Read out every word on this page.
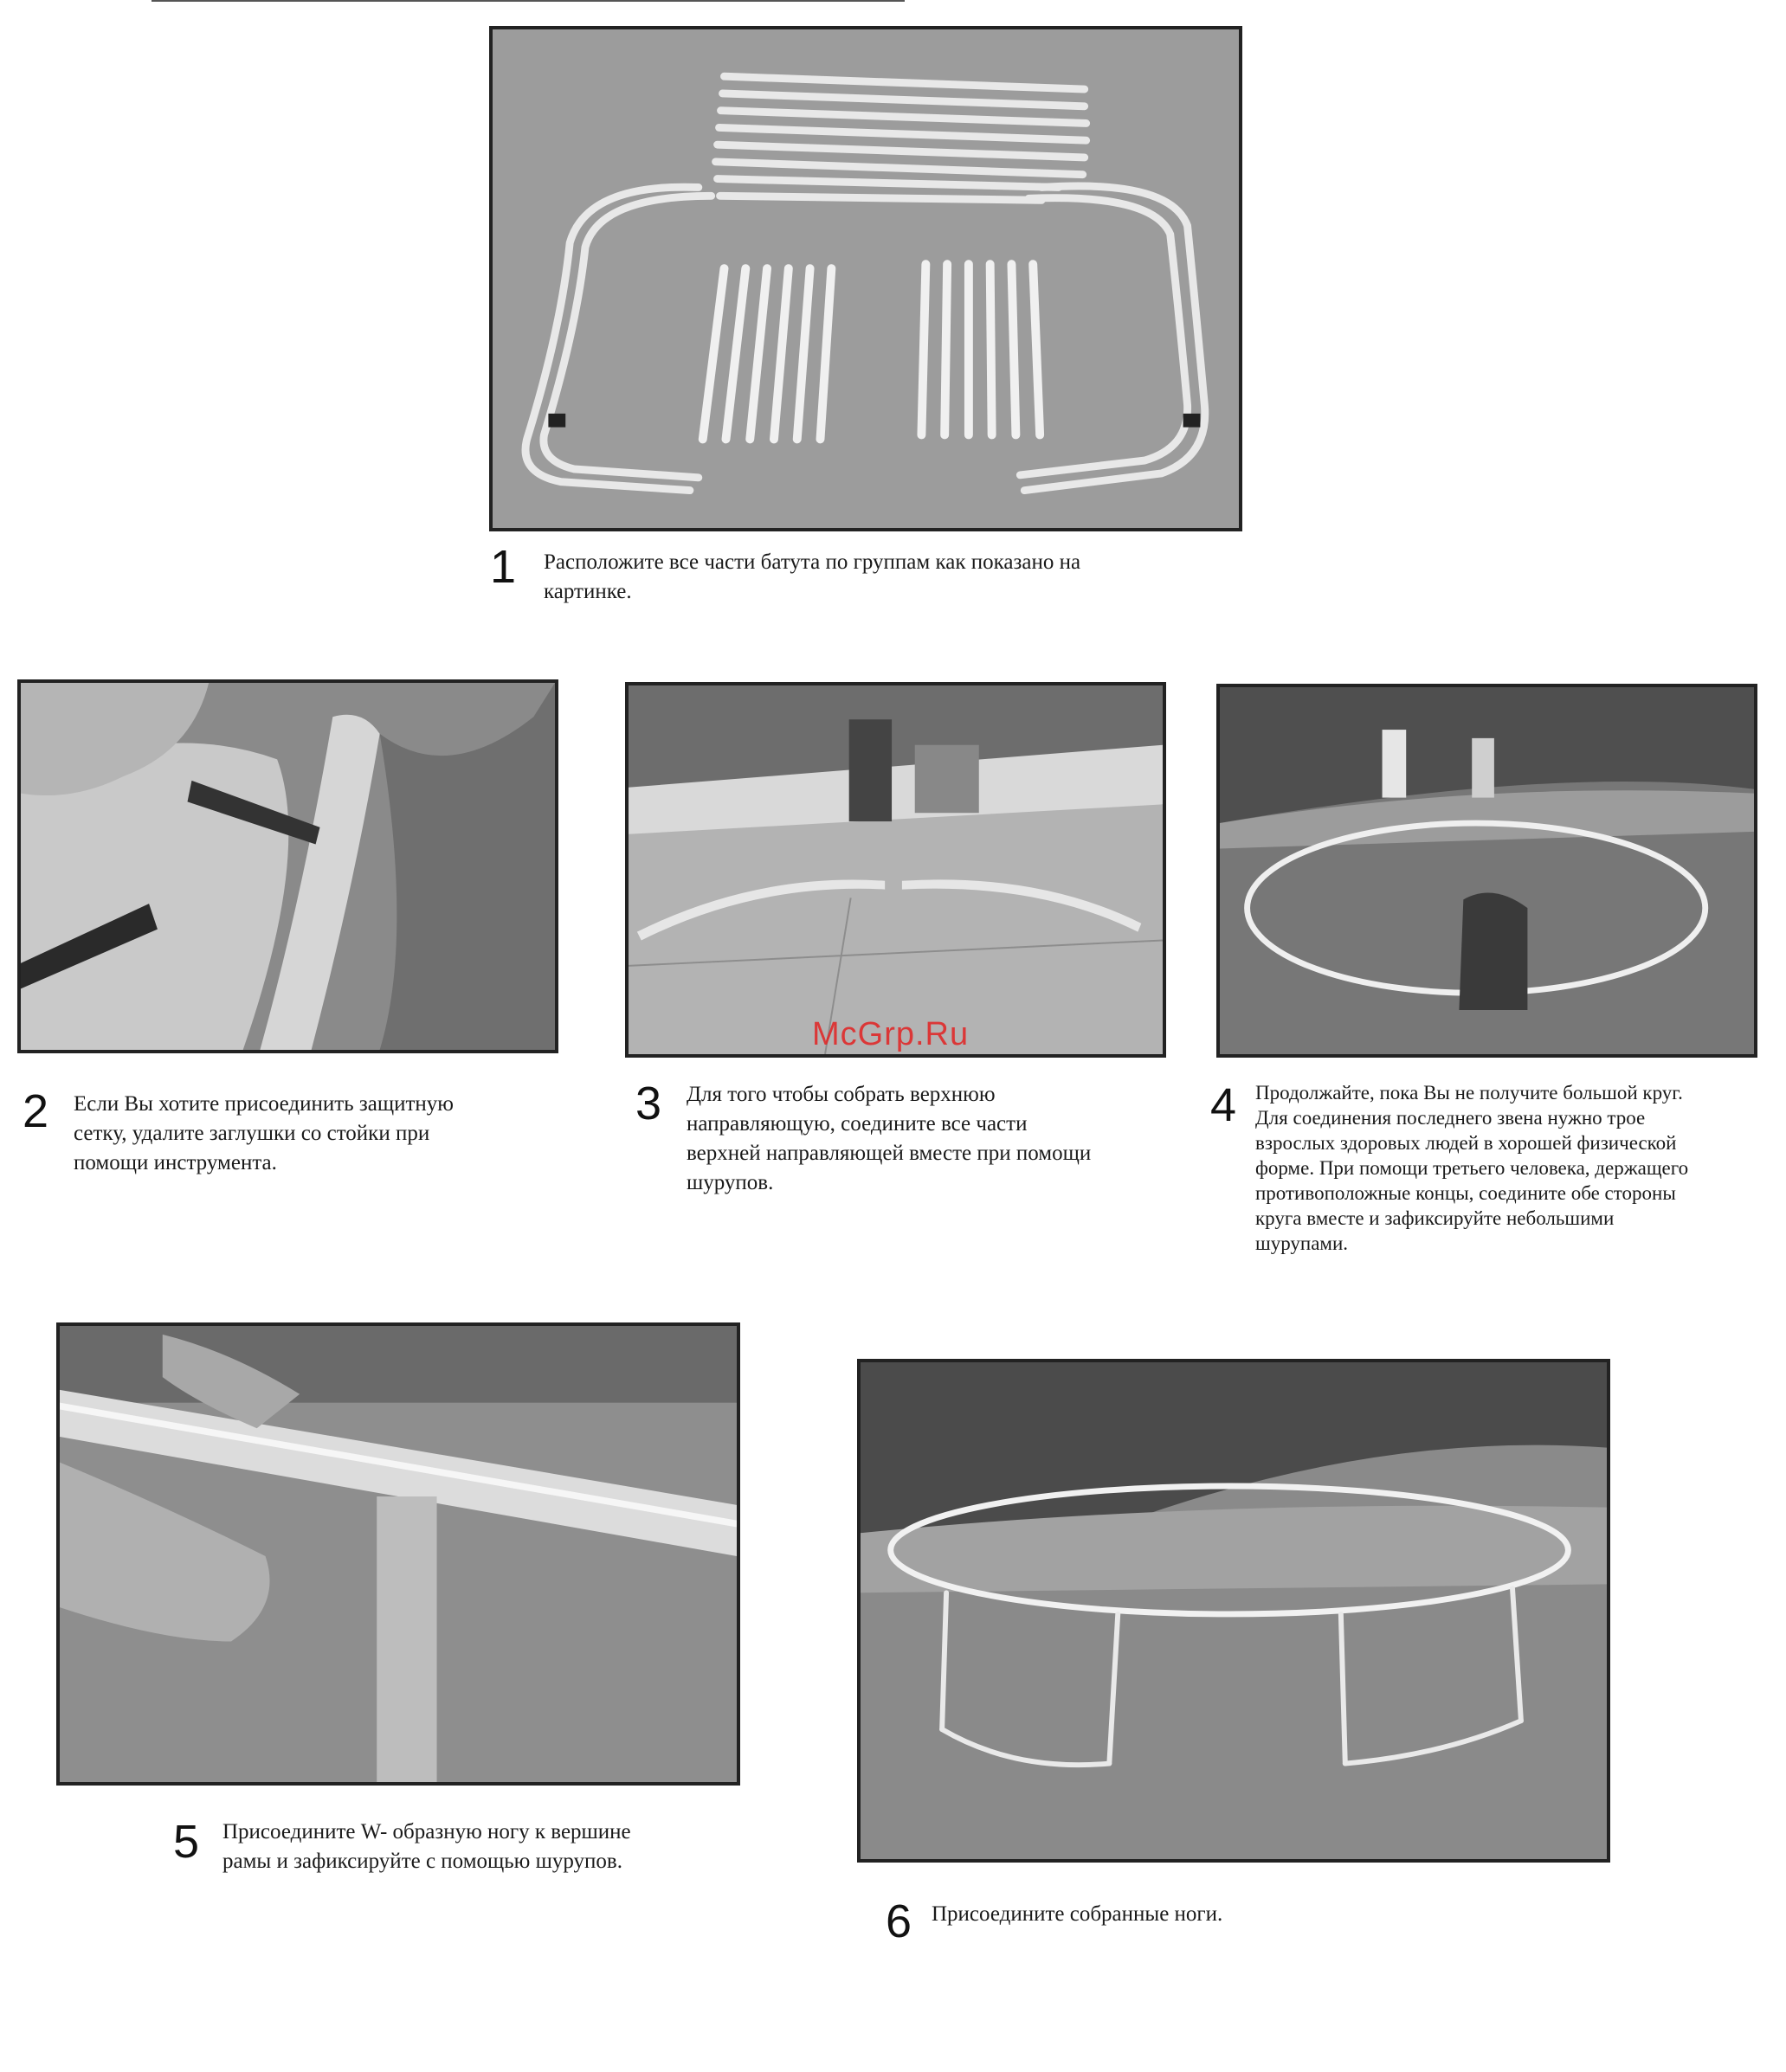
1 Расположите все части батута по группам как показано на
картинке.
2 Если Вы хотите присоединить защитную
сетку, удалите заглушки со стойки при
помощи инструмента.
3 Для того чтобы собрать верхнюю
направляющую, соедините все части
верхней направляющей вместе при помощи
шурупов.
4 Продолжайте, пока Вы не получите большой круг.
Для соединения последнего звена нужно трое
взрослых здоровых людей в хорошей физической
форме. При помощи третьего человека, держащего
противоположные концы, соедините обе стороны
круга вместе и зафиксируйте небольшими
шурупами.
5 Присоедините W- образную ногу к вершине
рамы и зафиксируйте с помощью шурупов.
6 Присоедините собранные ноги.
McGrp.Ru
